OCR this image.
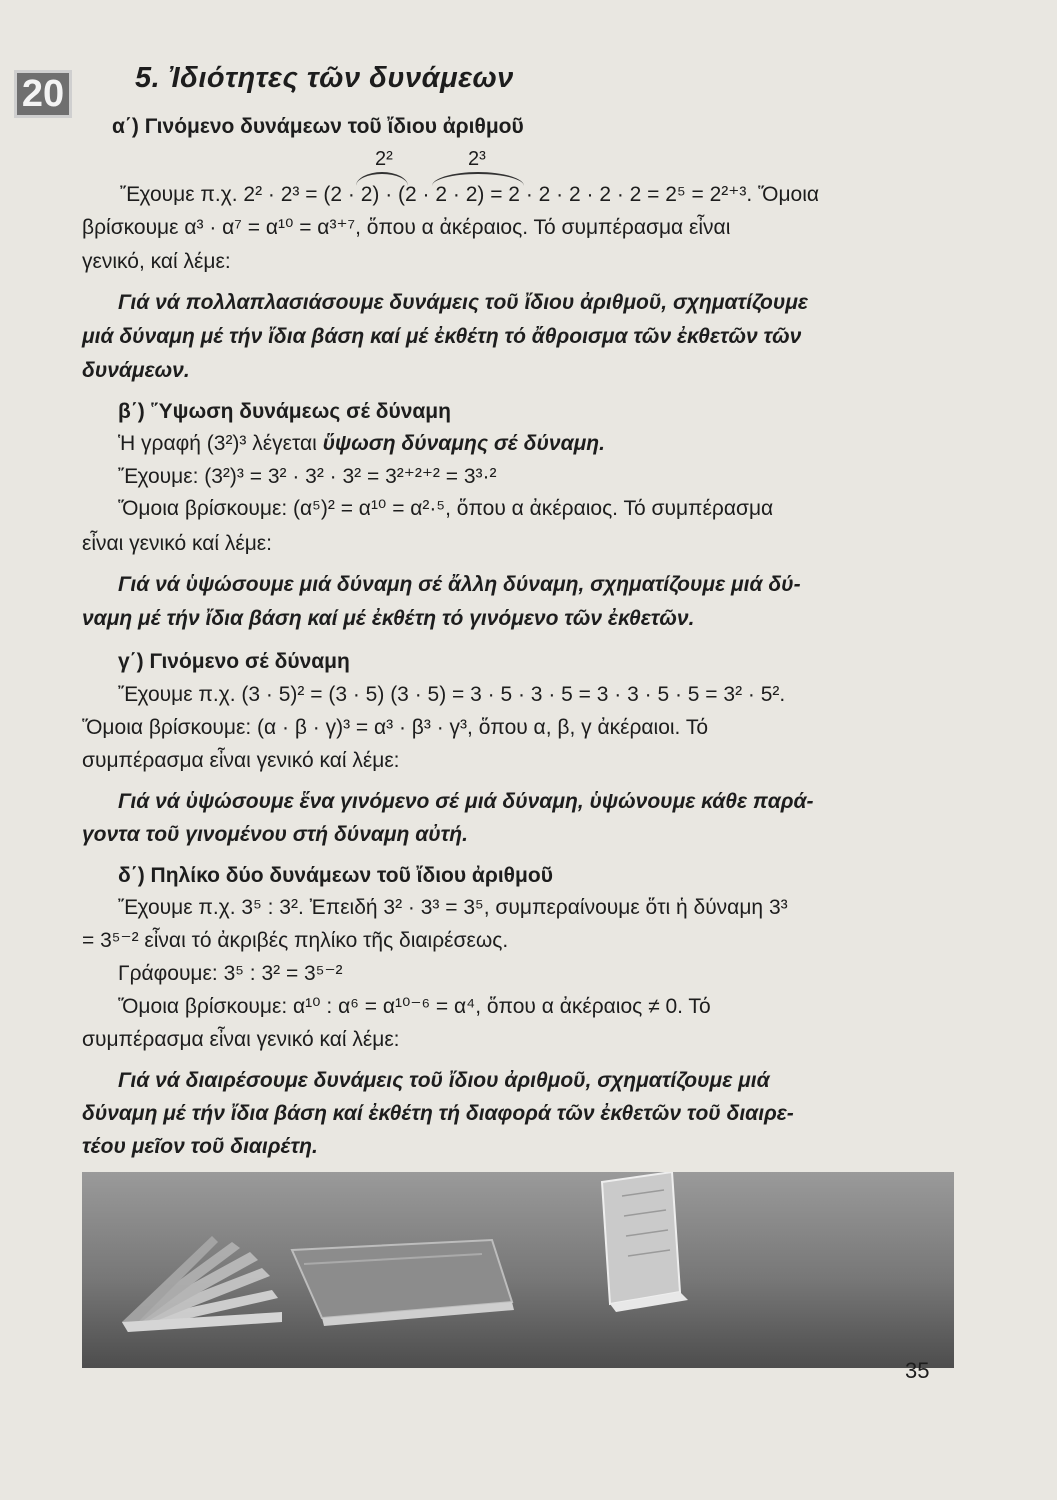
20 5. Ἰδιότητες τῶν δυνάμεων
α΄) Γινόμενο δυνάμεων τοῦ ἴδιου ἀριθμοῦ
2²	2³
Ἔχουμε π.χ. 2² · 2³ = (2 · 2) · (2 · 2 · 2) = 2 · 2 · 2 · 2 · 2 = 2⁵ = 2²⁺³. Ὅμοια
βρίσκουμε α³ · α⁷ = α¹⁰ = α³⁺⁷, ὅπου α ἀκέραιος. Τό συμπέρασμα εἶναι
γενικό, καί λέμε:
Γιά νά πολλαπλασιάσουμε δυνάμεις τοῦ ἴδιου ἀριθμοῦ, σχηματίζουμε
μιά δύναμη μέ τήν ἴδια βάση καί μέ ἐκθέτη τό ἄθροισμα τῶν ἐκθετῶν τῶν
δυνάμεων.
β΄) Ὕψωση δυνάμεως σέ δύναμη
Ἡ γραφή (3²)³ λέγεται ὕψωση δύναμης σέ δύναμη.
Ἔχουμε: (3²)³ = 3² · 3² · 3² = 3²⁺²⁺² = 3³·²
Ὅμοια βρίσκουμε: (α⁵)² = α¹⁰ = α²·⁵, ὅπου α ἀκέραιος. Τό συμπέρασμα
εἶναι γενικό καί λέμε:
Γιά νά ὑψώσουμε μιά δύναμη σέ ἄλλη δύναμη, σχηματίζουμε μιά δύ-
ναμη μέ τήν ἴδια βάση καί μέ ἐκθέτη τό γινόμενο τῶν ἐκθετῶν.
γ΄) Γινόμενο σέ δύναμη
Ἔχουμε π.χ. (3 · 5)² = (3 · 5) (3 · 5) = 3 · 5 · 3 · 5 = 3 · 3 · 5 · 5 = 3² · 5².
Ὅμοια βρίσκουμε: (α · β · γ)³ = α³ · β³ · γ³, ὅπου α, β, γ ἀκέραιοι. Τό
συμπέρασμα εἶναι γενικό καί λέμε:
Γιά νά ὑψώσουμε ἕνα γινόμενο σέ μιά δύναμη, ὑψώνουμε κάθε παρά-
γοντα τοῦ γινομένου στή δύναμη αὐτή.
δ΄) Πηλίκο δύο δυνάμεων τοῦ ἴδιου ἀριθμοῦ
Ἔχουμε π.χ. 3⁵ : 3². Ἐπειδή 3² · 3³ = 3⁵, συμπεραίνουμε ὅτι ἡ δύναμη 3³
= 3⁵⁻² εἶναι τό ἀκριβές πηλίκο τῆς διαιρέσεως.
Γράφουμε: 3⁵ : 3² = 3⁵⁻²
Ὅμοια βρίσκουμε: α¹⁰ : α⁶ = α¹⁰⁻⁶ = α⁴, ὅπου α ἀκέραιος ≠ 0. Τό
συμπέρασμα εἶναι γενικό καί λέμε:
Γιά νά διαιρέσουμε δυνάμεις τοῦ ἴδιου ἀριθμοῦ, σχηματίζουμε μιά
δύναμη μέ τήν ἴδια βάση καί ἐκθέτη τή διαφορά τῶν ἐκθετῶν τοῦ διαιρε-
τέου μεῖον τοῦ διαιρέτη.
35
